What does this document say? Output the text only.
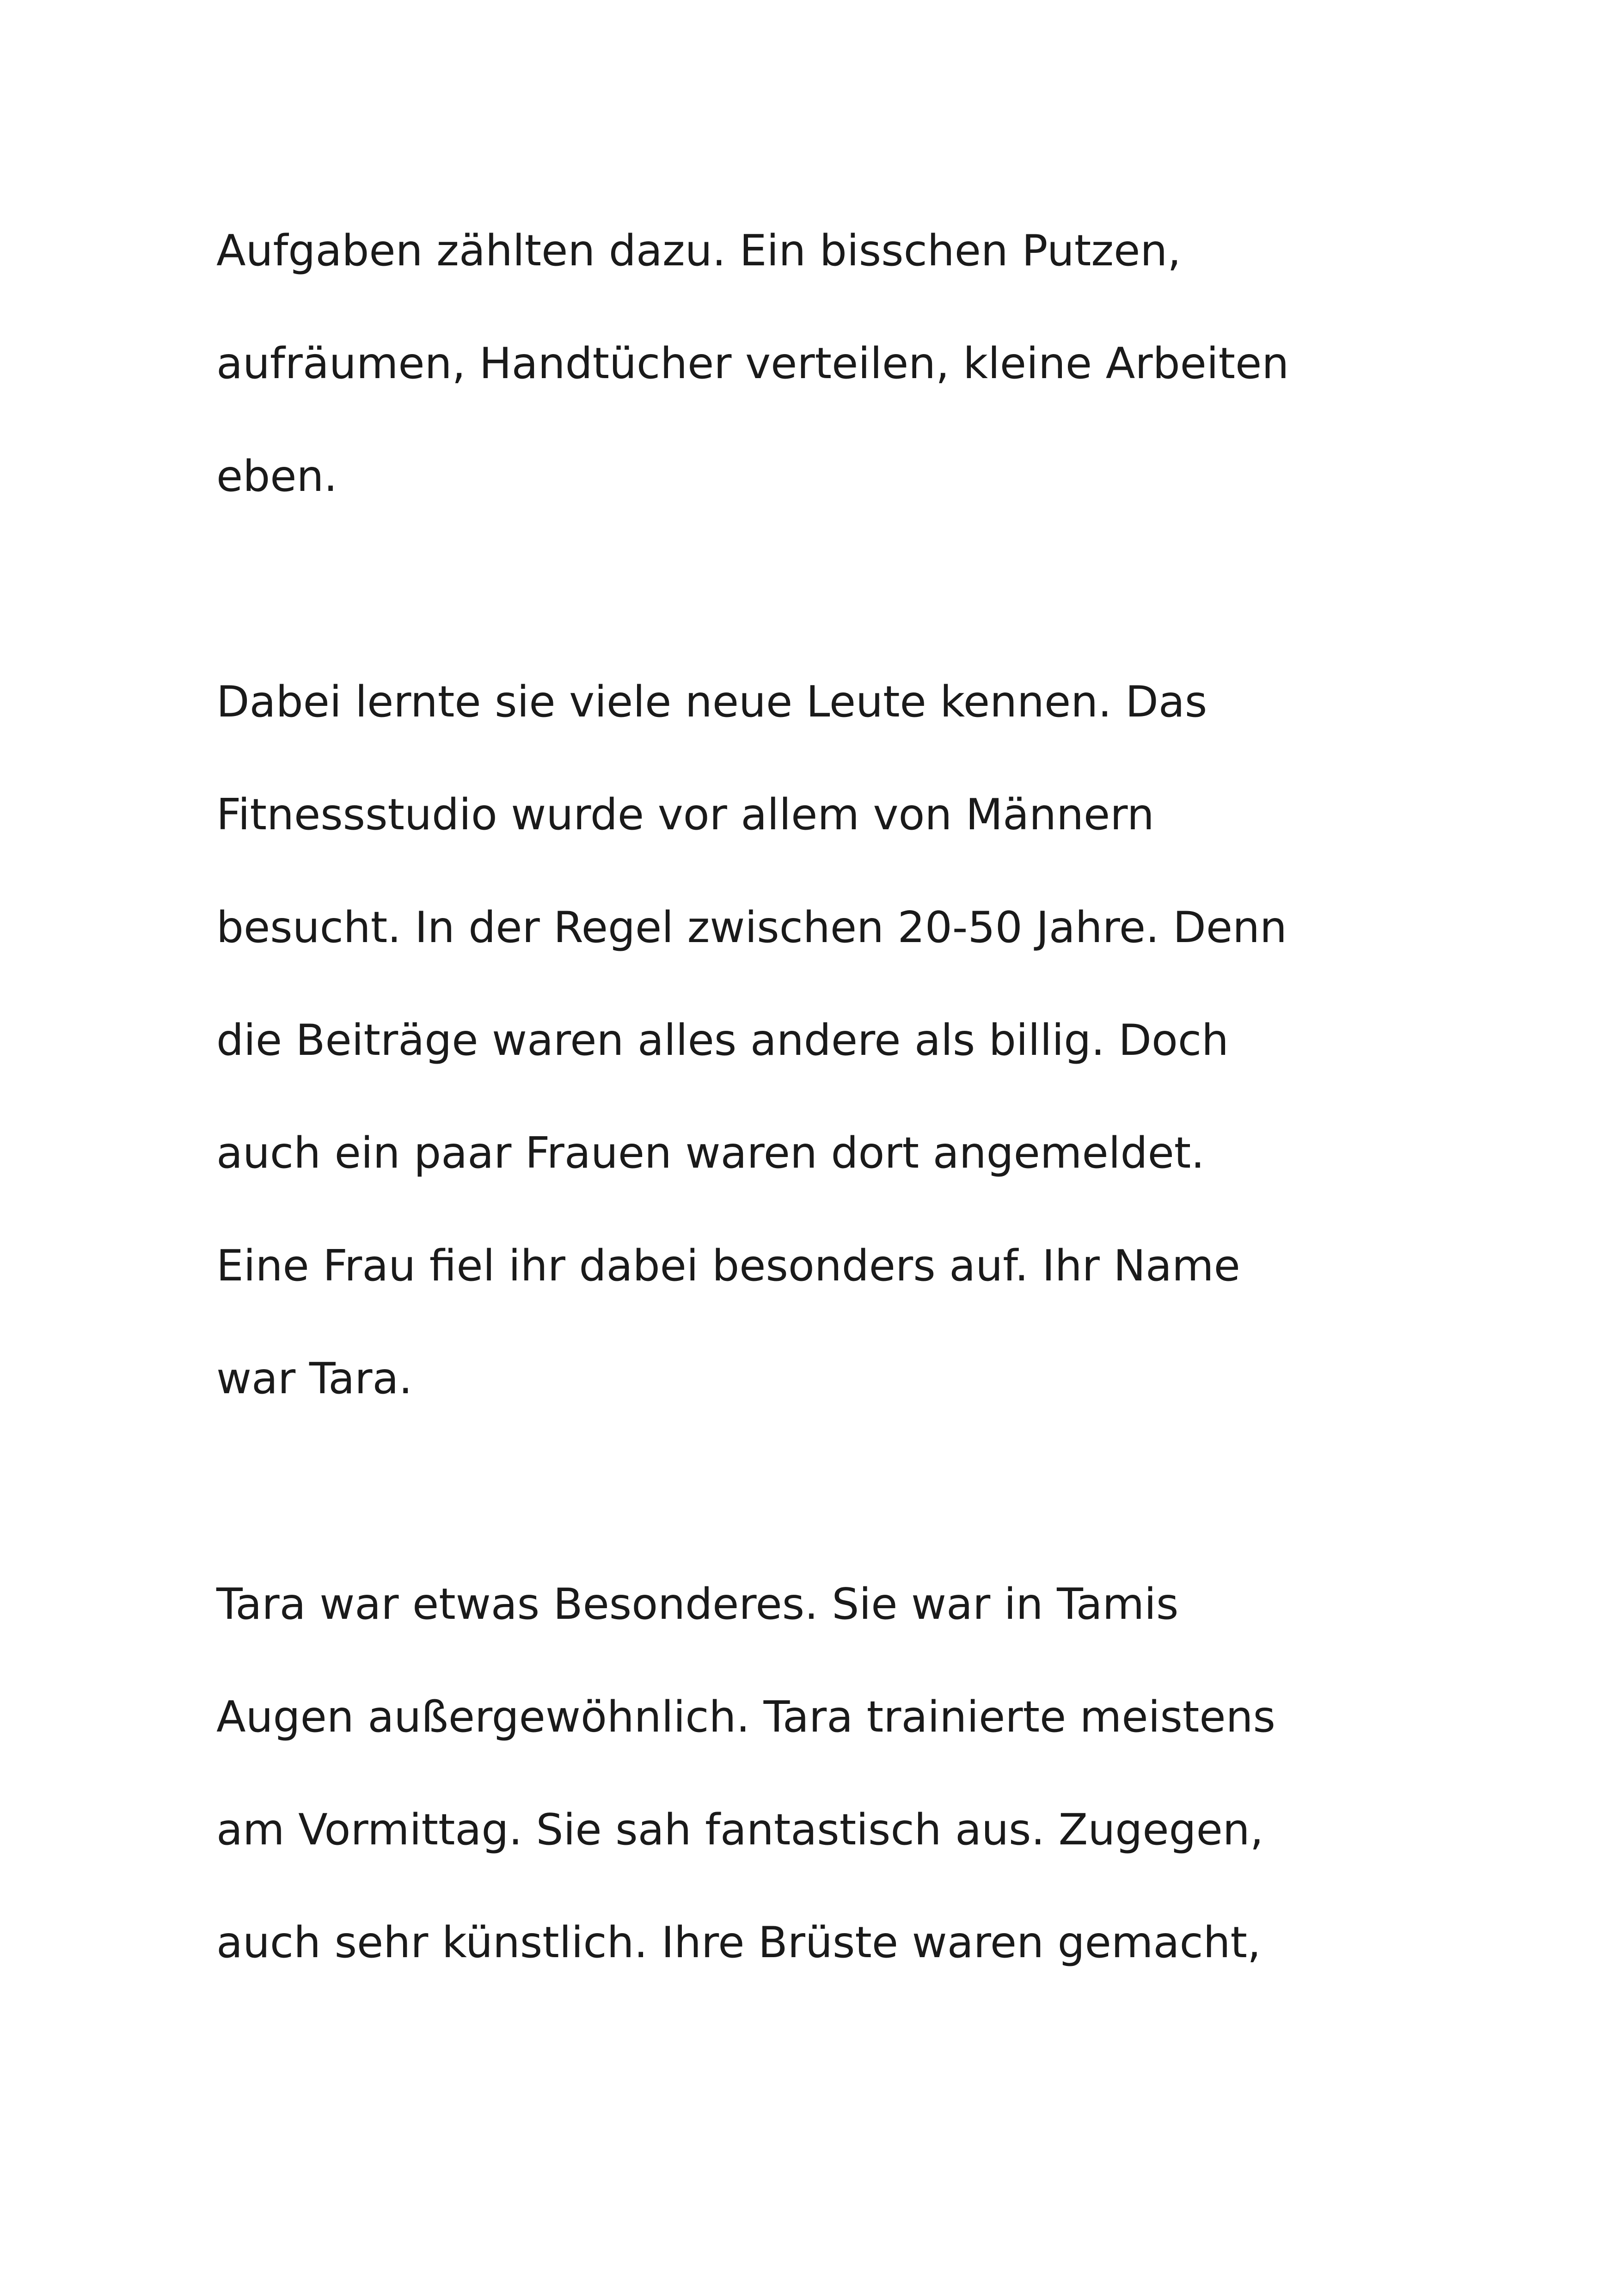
Aufgaben zählten dazu. Ein bisschen Putzen,
aufräumen, Handtücher verteilen, kleine Arbeiten
eben.
Dabei lernte sie viele neue Leute kennen. Das
Fitnessstudio wurde vor allem von Männern
besucht. In der Regel zwischen 20-50 Jahre. Denn
die Beiträge waren alles andere als billig. Doch
auch ein paar Frauen waren dort angemeldet.
Eine Frau fiel ihr dabei besonders auf. Ihr Name
war Tara.
Tara war etwas Besonderes. Sie war in Tamis
Augen außergewöhnlich. Tara trainierte meistens
am Vormittag. Sie sah fantastisch aus. Zugegen,
auch sehr künstlich. Ihre Brüste waren gemacht,
